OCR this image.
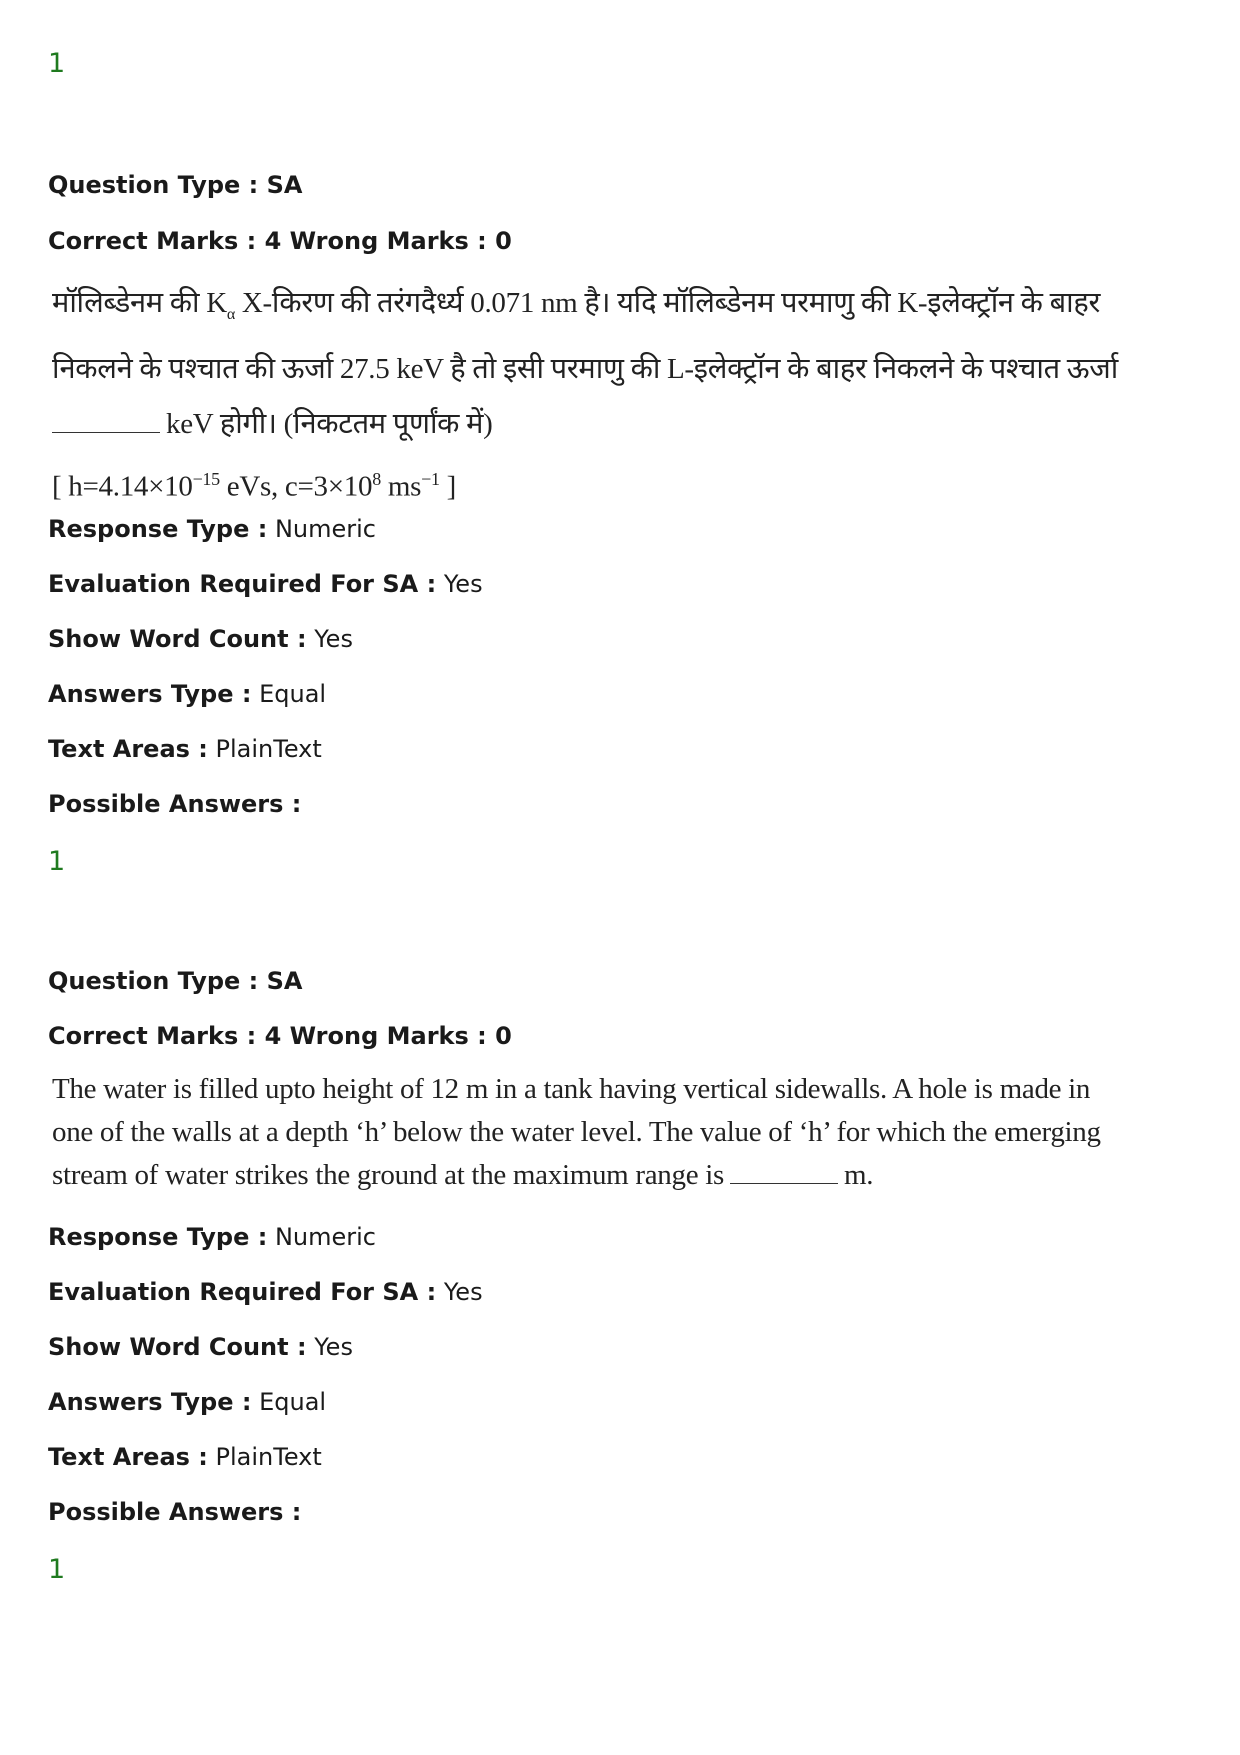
1
Question Type : SA
Correct Marks : 4 Wrong Marks : 0
मॉलिब्डेनम की $K_\alpha$ X-किरण की तरंगदैर्ध्य 0.071 nm है। यदि मॉलिब्डेनम परमाणु की K-इलेक्ट्रॉन के बाहर
निकलने के पश्चात की ऊर्जा 27.5 keV है तो इसी परमाणु की L-इलेक्ट्रॉन के बाहर निकलने के पश्चात ऊर्जा
keV होगी। (निकटतम पूर्णांक में)
[ $h=4.14\times 10^{-15}$ eVs, $c=3\times 10^8$ $ms^{-1}$ ]
Response Type : Numeric
Evaluation Required For SA : Yes
Show Word Count : Yes
Answers Type : Equal
Text Areas : PlainText
Possible Answers :
1
Question Type : SA
Correct Marks : 4 Wrong Marks : 0
The water is filled upto height of 12 m in a tank having vertical sidewalls. A hole is made in
one of the walls at a depth ‘h’ below the water level. The value of ‘h’ for which the emerging
stream of water strikes the ground at the maximum range is	m.
Response Type : Numeric
Evaluation Required For SA : Yes
Show Word Count : Yes
Answers Type : Equal
Text Areas : PlainText
Possible Answers :
1
